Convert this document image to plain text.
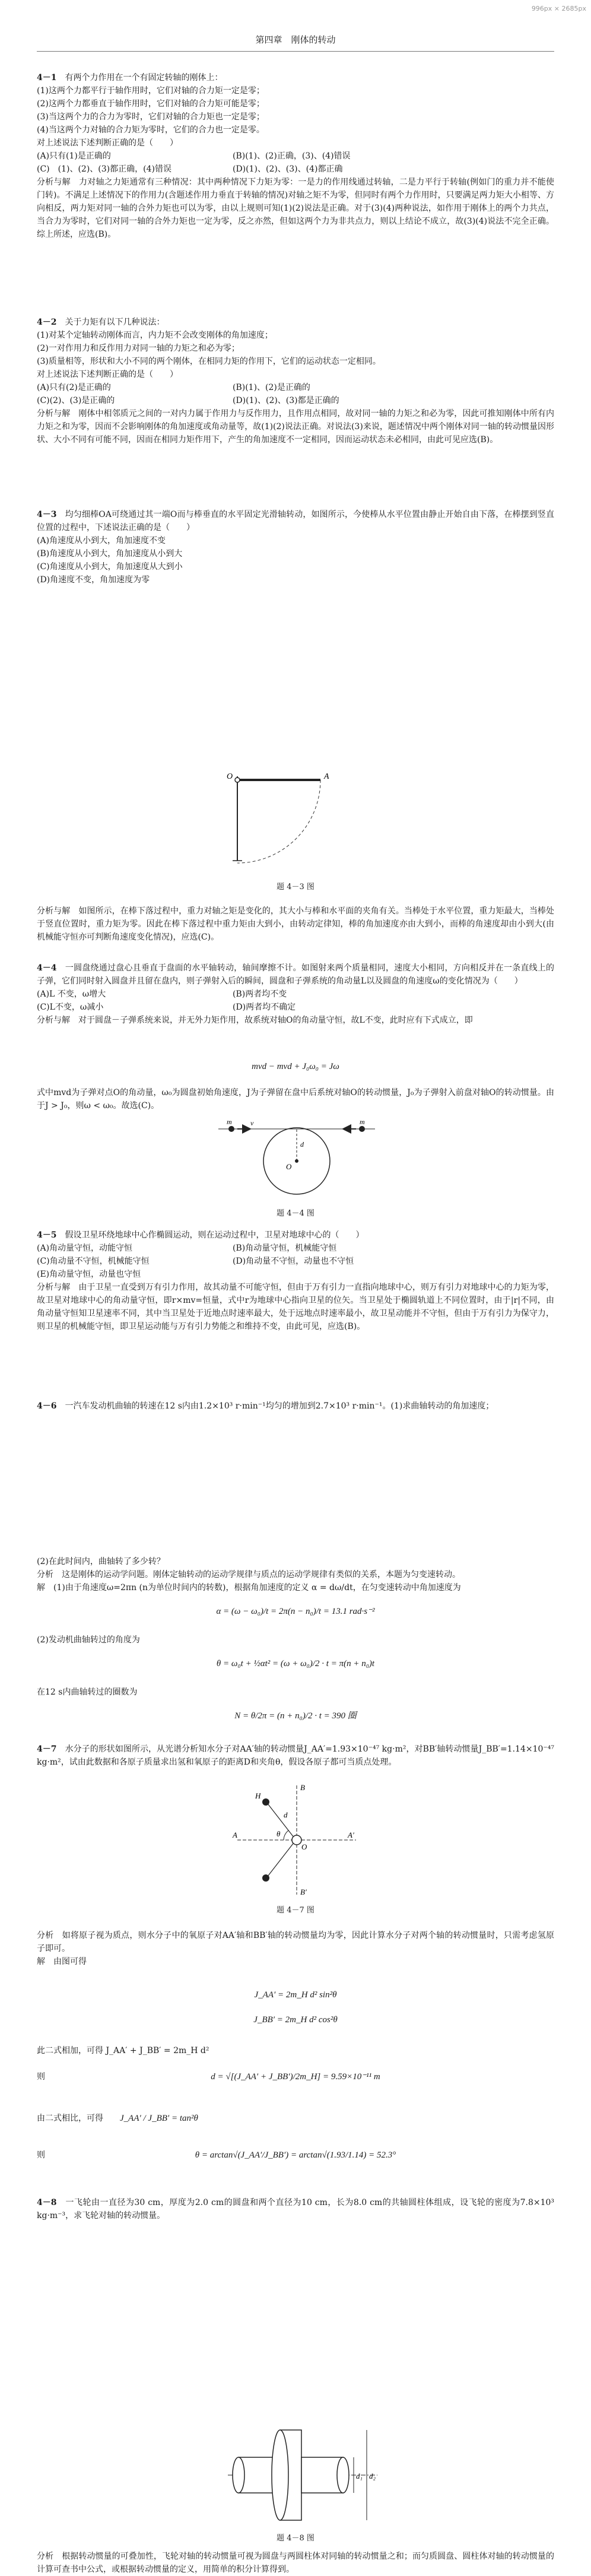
996px × 2685px
第四章　刚体的转动

4－1　 有两个力作用在一个有固定转轴的刚体上：

(1)这两个力都平行于轴作用时，它们对轴的合力矩一定是零；

(2)这两个力都垂直于轴作用时，它们对轴的合力矩可能是零；

(3)当这两个力的合力为零时，它们对轴的合力矩也一定是零；

(4)当这两个力对轴的合力矩为零时，它们的合力也一定是零。

对上述说法下述判断正确的是（　　）

(A)只有(1)是正确的	(B)(1)、(2)正确，(3)、(4)错误

(C)　(1)、(2)、(3)都正确，(4)错误	(D)(1)、(2)、(3)、(4)都正确

分析与解　力对轴之力矩通常有三种情况：其中两种情况下力矩为零：一是力的作用线通过转轴，二是力平行于转轴(例如门的重力并不能使门转)。不满足上述情况下的作用力(含题述作用力垂直于转轴的情况)对轴之矩不为零，但同时有两个力作用时，只要满足两力矩大小相等、方向相反，两力矩对同一轴的合外力矩也可以为零，由以上规则可知(1)(2)说法是正确。对于(3)(4)两种说法，如作用于刚体上的两个力共点，当合力为零时，它们对同一轴的合外力矩也一定为零，反之亦然，但如这两个力为非共点力，则以上结论不成立，故(3)(4)说法不完全正确。综上所述，应选(B)。

4－2　 关于力矩有以下几种说法：

(1)对某个定轴转动刚体而言，内力矩不会改变刚体的角加速度；

(2)一对作用力和反作用力对同一轴的力矩之和必为零；

(3)质量相等，形状和大小不同的两个刚体，在相同力矩的作用下，它们的运动状态一定相同。

对上述说法下述判断正确的是（　　）

(A)只有(2)是正确的	(B)(1)、(2)是正确的

(C)(2)、(3)是正确的	(D)(1)、(2)、(3)都是正确的

分析与解　刚体中相邻质元之间的一对内力属于作用力与反作用力，且作用点相同，故对同一轴的力矩之和必为零，因此可推知刚体中所有内力矩之和为零，因而不会影响刚体的角加速度或角动量等，故(1)(2)说法正确。对说法(3)来说，题述情况中两个刚体对同一轴的转动惯量因形状、大小不同有可能不同，因而在相同力矩作用下，产生的角加速度不一定相同，因而运动状态未必相同，由此可见应选(B)。

4－3　 均匀细棒OA可绕通过其一端O而与棒垂直的水平固定光滑轴转动，如图所示，今使棒从水平位置由静止开始自由下落，在棒摆到竖直位置的过程中，下述说法正确的是（　　）

(A)角速度从小到大，角加速度不变

(B)角速度从小到大，角加速度从小到大

(C)角速度从小到大，角加速度从大到小

(D)角速度不变，角加速度为零

O	A
题 4－3 图

分析与解　如图所示，在棒下落过程中，重力对轴之矩是变化的，其大小与棒和水平面的夹角有关。当棒处于水平位置，重力矩最大，当棒处于竖直位置时，重力矩为零。因此在棒下落过程中重力矩由大到小，由转动定律知，棒的角加速度亦由大到小，而棒的角速度却由小到大(由机械能守恒亦可判断角速度变化情况)，应选(C)。

4－4　 一圆盘绕通过盘心且垂直于盘面的水平轴转动，轴间摩擦不计。如图射来两个质量相同，速度大小相同，方向相反并在一条直线上的子弹，它们同时射入圆盘并且留在盘内，则子弹射入后的瞬间，圆盘和子弹系统的角动量L以及圆盘的角速度ω的变化情况为（　　）

(A)L 不变，ω增大	(B)两者均不变

(C)L不变，ω减小	(D)两者均不确定

分析与解　对于圆盘－子弹系统来说，并无外力矩作用，故系统对轴O的角动量守恒，故L不变，此时应有下式成立，即

mvd − mvd + J₀ω₀ = Jω

式中mvd为子弹对点O的角动量，ω₀为圆盘初始角速度，J为子弹留在盘中后系统对轴O的转动惯量，J₀为子弹射入前盘对轴O的转动惯量。由于J > J₀，则ω < ω₀。故选(C)。

m	m
v
d
O
题 4－4 图

4－5　 假设卫星环绕地球中心作椭圆运动，则在运动过程中，卫星对地球中心的（　　）

(A)角动量守恒，动能守恒	(B)角动量守恒，机械能守恒

(C)角动量不守恒，机械能守恒	(D)角动量不守恒，动量也不守恒

(E)角动量守恒，动量也守恒

分析与解　由于卫星一直受到万有引力作用，故其动量不可能守恒，但由于万有引力一直指向地球中心，则万有引力对地球中心的力矩为零，故卫星对地球中心的角动量守恒，即r×mv=恒量，式中r为地球中心指向卫星的位矢。当卫星处于椭圆轨道上不同位置时，由于|r|不同，由角动量守恒知卫星速率不同，其中当卫星处于近地点时速率最大，处于远地点时速率最小，故卫星动能并不守恒，但由于万有引力为保守力，则卫星的机械能守恒，即卫星运动能与万有引力势能之和维持不变，由此可见，应选(B)。

4－6　 一汽车发动机曲轴的转速在12 s内由1.2×10³ r·min⁻¹均匀的增加到2.7×10³ r·min⁻¹。(1)求曲轴转动的角加速度；

(2)在此时间内，曲轴转了多少转？

分析　这是刚体的运动学问题。刚体定轴转动的运动学规律与质点的运动学规律有类似的关系，本题为匀变速转动。

解　(1)由于角速度ω=2πn (n为单位时间内的转数)，根据角加速度的定义 α = dω/dt，在匀变速转动中角加速度为

α = (ω − ω₀)/t = 2π(n − n₀)/t = 13.1 rad·s⁻²

(2)发动机曲轴转过的角度为

θ = ω₀t + ½αt² = (ω + ω₀)/2 · t = π(n + n₀)t

在12 s内曲轴转过的圈数为

N = θ/2π = (n + n₀)/2 · t = 390 圈

4－7　 水分子的形状如图所示，从光谱分析知水分子对AA′轴的转动惯量J_AA′=1.93×10⁻⁴⁷ kg·m²，对BB′轴转动惯量J_BB′=1.14×10⁻⁴⁷ kg·m²，试由此数据和各原子质量求出氢和氧原子的距离D和夹角θ，假设各原子都可当质点处理。

A	A′
B
B′
H
O
d
θ
题 4－7 图

分析　如将原子视为质点，则水分子中的氧原子对AA′轴和BB′轴的转动惯量均为零，因此计算水分子对两个轴的转动惯量时，只需考虑氢原子即可。

解　由图可得

J_AA′ = 2m_H d² sin²θ
J_BB′ = 2m_H d² cos²θ

此二式相加，可得 J_AA′ + J_BB′ = 2m_H d²

则	d = √[(J_AA′ + J_BB′)/2m_H] = 9.59×10⁻¹¹ m

由二式相比，可得　　 J_AA′ / J_BB′ = tan²θ

则	θ = arctan√(J_AA′/J_BB′) = arctan√(1.93/1.14) = 52.3°

4－8　 一飞轮由一直径为30 cm，厚度为2.0 cm的圆盘和两个直径为10 cm，长为8.0 cm的共轴圆柱体组成，设飞轮的密度为7.8×10³ kg·m⁻³，求飞轮对轴的转动惯量。

d₁ d₂
题 4－8 图

分析　根据转动惯量的可叠加性，飞轮对轴的转动惯量可视为圆盘与两圆柱体对同轴的转动惯量之和；而匀质圆盘、圆柱体对轴的转动惯量的计算可查书中公式，或根据转动惯量的定义，用简单的积分计算得到。
